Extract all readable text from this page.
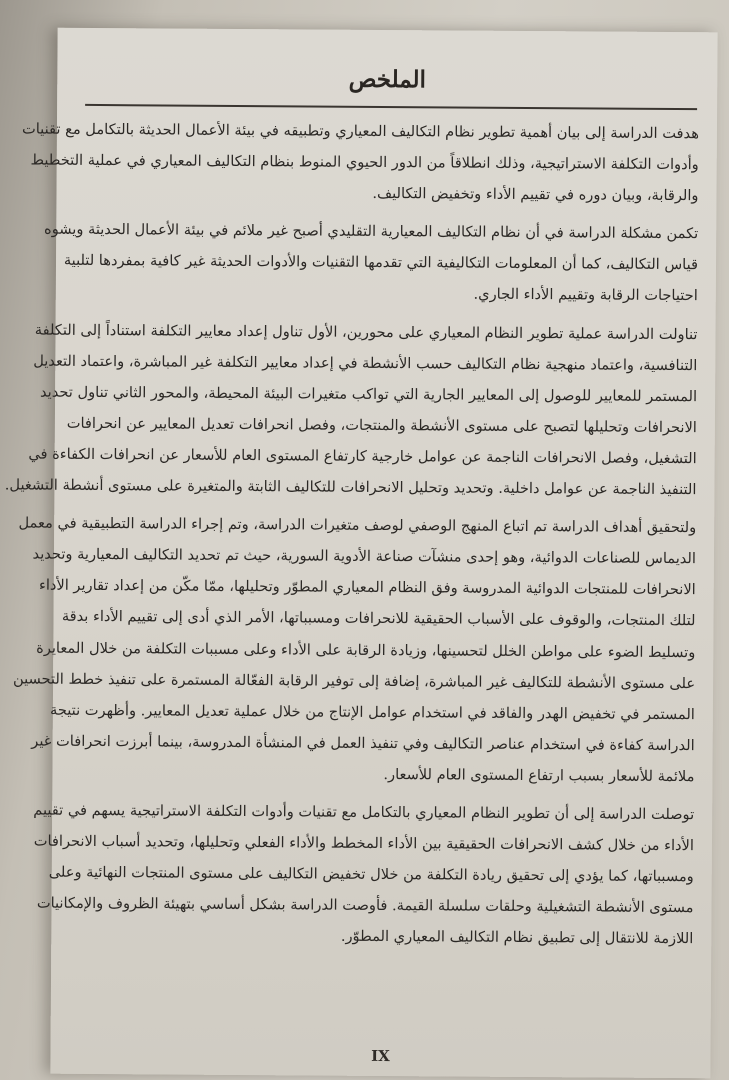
الملخص
هدفت الدراسة إلى بيان أهمية تطوير نظام التكاليف المعياري وتطبيقه في بيئة الأعمال الحديثة بالتكامل مع تقنيات
وأدوات التكلفة الاستراتيجية، وذلك انطلاقاً من الدور الحيوي المنوط بنظام التكاليف المعياري في عملية التخطيط
والرقابة، وبيان دوره في تقييم الأداء وتخفيض التكاليف.
تكمن مشكلة الدراسة في أن نظام التكاليف المعيارية التقليدي أصبح غير ملائم في بيئة الأعمال الحديثة ويشوه
قياس التكاليف، كما أن المعلومات التكاليفية التي تقدمها التقنيات والأدوات الحديثة غير كافية بمفردها لتلبية
احتياجات الرقابة وتقييم الأداء الجاري.
تناولت الدراسة عملية تطوير النظام المعياري على محورين، الأول تناول إعداد معايير التكلفة استناداً إلى التكلفة
التنافسية، واعتماد منهجية نظام التكاليف حسب الأنشطة في إعداد معايير التكلفة غير المباشرة، واعتماد التعديل
المستمر للمعايير للوصول إلى المعايير الجارية التي تواكب متغيرات البيئة المحيطة، والمحور الثاني تناول تحديد
الانحرافات وتحليلها لتصبح على مستوى الأنشطة والمنتجات، وفصل انحرافات تعديل المعايير عن انحرافات
التشغيل، وفصل الانحرافات الناجمة عن عوامل خارجية كارتفاع المستوى العام للأسعار عن انحرافات الكفاءة في
التنفيذ الناجمة عن عوامل داخلية. وتحديد وتحليل الانحرافات للتكاليف الثابتة والمتغيرة على مستوى أنشطة التشغيل.
ولتحقيق أهداف الدراسة تم اتباع المنهج الوصفي لوصف متغيرات الدراسة، وتم إجراء الدراسة التطبيقية في معمل
الديماس للصناعات الدوائية، وهو إحدى منشآت صناعة الأدوية السورية، حيث تم تحديد التكاليف المعيارية وتحديد
الانحرافات للمنتجات الدوائية المدروسة وفق النظام المعياري المطوّر وتحليلها، ممّا مكّن من إعداد تقارير الأداء
لتلك المنتجات، والوقوف على الأسباب الحقيقية للانحرافات ومسبباتها، الأمر الذي أدى إلى تقييم الأداء بدقة
وتسليط الضوء على مواطن الخلل لتحسينها، وزيادة الرقابة على الأداء وعلى مسببات التكلفة من خلال المعايرة
على مستوى الأنشطة للتكاليف غير المباشرة، إضافة إلى توفير الرقابة الفعّالة المستمرة على تنفيذ خطط التحسين
المستمر في تخفيض الهدر والفاقد في استخدام عوامل الإنتاج من خلال عملية تعديل المعايير. وأظهرت نتيجة
الدراسة كفاءة في استخدام عناصر التكاليف وفي تنفيذ العمل في المنشأة المدروسة، بينما أبرزت انحرافات غير
ملائمة للأسعار بسبب ارتفاع المستوى العام للأسعار.
توصلت الدراسة إلى أن تطوير النظام المعياري بالتكامل مع تقنيات وأدوات التكلفة الاستراتيجية يسهم في تقييم
الأداء من خلال كشف الانحرافات الحقيقية بين الأداء المخطط والأداء الفعلي وتحليلها، وتحديد أسباب الانحرافات
ومسبباتها، كما يؤدي إلى تحقيق ريادة التكلفة من خلال تخفيض التكاليف على مستوى المنتجات النهائية وعلى
مستوى الأنشطة التشغيلية وحلقات سلسلة القيمة. فأوصت الدراسة بشكل أساسي بتهيئة الظروف والإمكانيات
اللازمة للانتقال إلى تطبيق نظام التكاليف المعياري المطوّر.
IX
